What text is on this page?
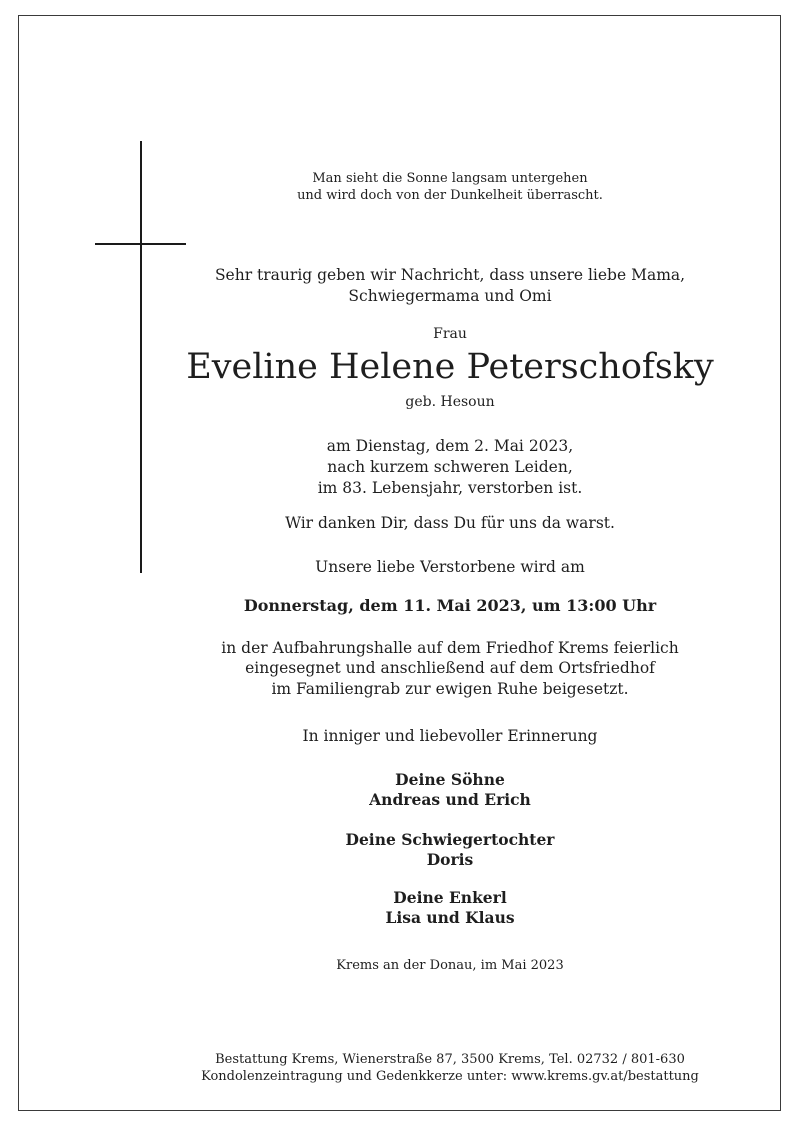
Man sieht die Sonne langsam untergehen
und wird doch von der Dunkelheit überrascht.
Sehr traurig geben wir Nachricht, dass unsere liebe Mama,
Schwiegermama und Omi
Frau
Eveline Helene Peterschofsky
geb. Hesoun
am Dienstag, dem 2. Mai 2023,
nach kurzem schweren Leiden,
im 83. Lebensjahr, verstorben ist.
Wir danken Dir, dass Du für uns da warst.
Unsere liebe Verstorbene wird am
Donnerstag, dem 11. Mai 2023, um 13:00 Uhr
in der Aufbahrungshalle auf dem Friedhof Krems feierlich
eingesegnet und anschließend auf dem Ortsfriedhof
im Familiengrab zur ewigen Ruhe beigesetzt.
In inniger und liebevoller Erinnerung
Deine Söhne
Andreas und Erich
Deine Schwiegertochter
Doris
Deine Enkerl
Lisa und Klaus
Krems an der Donau, im Mai 2023
Bestattung Krems, Wienerstraße 87, 3500 Krems, Tel. 02732 / 801-630
Kondolenzeintragung und Gedenkkerze unter: www.krems.gv.at/bestattung
